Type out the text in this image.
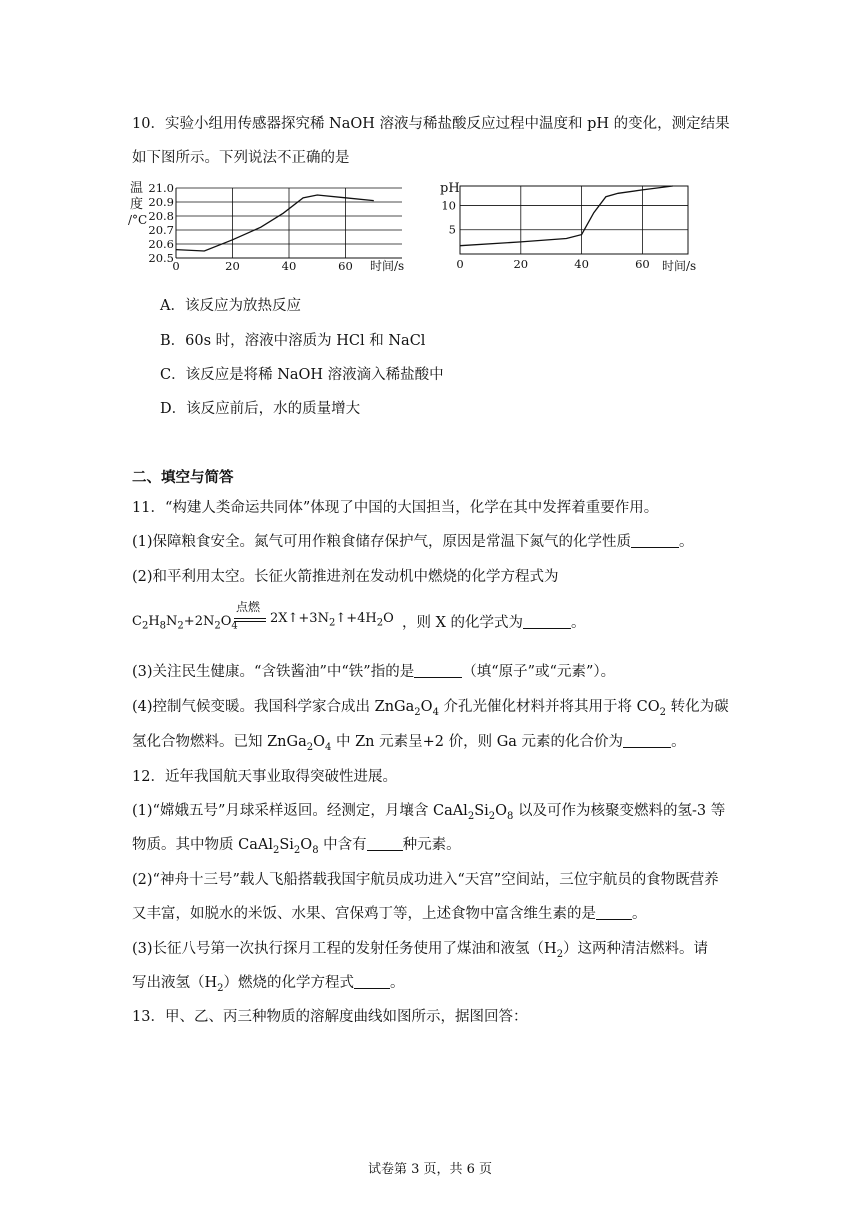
10．实验小组用传感器探究稀 NaOH 溶液与稀盐酸反应过程中温度和 pH 的变化，测定结果
如下图所示。下列说法不正确的是
20.5
20.6
20.7
20.8
20.9
21.0
0	20	40	60
温
度
/°C
时间/s
5
10
0	20	40	60
pH
时间/s
A．该反应为放热反应
B．60s 时，溶液中溶质为 HCl 和 NaCl
C．该反应是将稀 NaOH 溶液滴入稀盐酸中
D．该反应前后，水的质量增大
二、填空与简答
11．“构建人类命运共同体”体现了中国的大国担当，化学在其中发挥着重要作用。
(1)保障粮食安全。氮气可用作粮食储存保护气，原因是常温下氮气的化学性质	。
(2)和平利用太空。长征火箭推进剂在发动机中燃烧的化学方程式为
$C_2H_8N_2+2N_2O_4$
点燃
$2X↑+3N_2↑+4H_2O$ ，则 X 的化学式为	。
(3)关注民生健康。“含铁酱油”中“铁”指的是	（填“原子”或“元素”）。
(4)控制气候变暖。我国科学家合成出 $ZnGa_2O_4$ 介孔光催化材料并将其用于将 $CO_2$ 转化为碳
氢化合物燃料。已知 $ZnGa_2O_4$ 中 Zn 元素呈+2 价，则 Ga 元素的化合价为	。
12．近年我国航天事业取得突破性进展。
(1)“嫦娥五号”月球采样返回。经测定，月壤含 $CaAl_2Si_2O_8$ 以及可作为核聚变燃料的氢-3 等
物质。其中物质 $CaAl_2Si_2O_8$ 中含有 种元素。
(2)“神舟十三号”载人飞船搭载我国宇航员成功进入“天宫”空间站，三位宇航员的食物既营养
又丰富，如脱水的米饭、水果、宫保鸡丁等，上述食物中富含维生素的是 。
(3)长征八号第一次执行探月工程的发射任务使用了煤油和液氢$(H_2)$这两种清洁燃料。请
写出液氢$(H_2)$燃烧的化学方程式 。
13．甲、乙、丙三种物质的溶解度曲线如图所示，据图回答：
试卷第 3 页，共 6 页
